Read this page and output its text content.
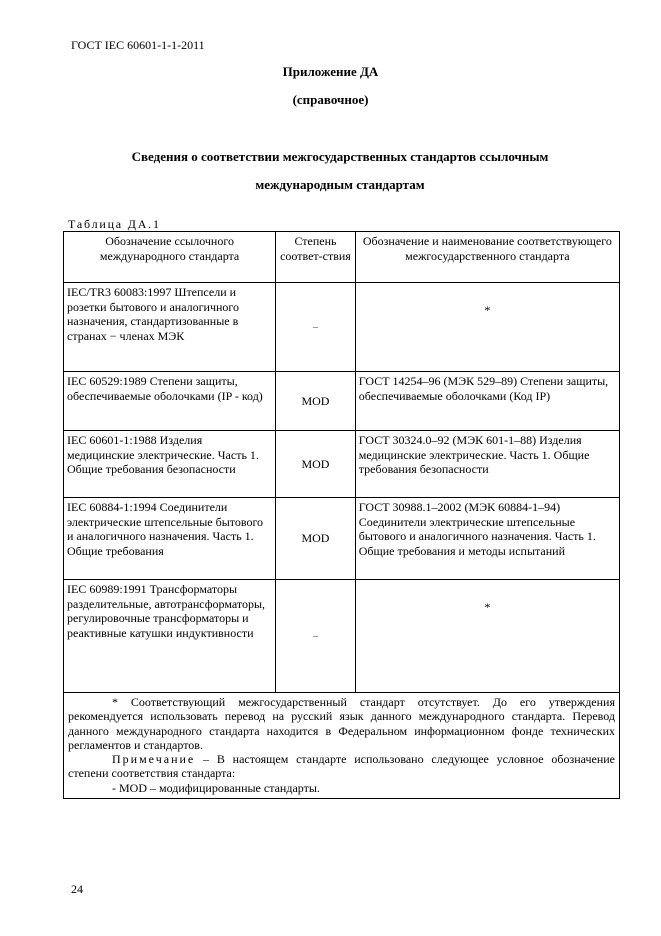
ГОСТ IEC 60601-1-1-2011
Приложение ДА
(справочное)
Сведения о соответствии межгосударственных стандартов ссылочным
международным стандартам
Таблица ДА.1
Обозначение ссылочного международного стандарта	Степень соответ-ствия	Обозначение и наименование соответствующего межгосударственного стандарта
IEC/TR3 60083:1997 Штепсели и розетки бытового и аналогичного назначения, стандартизованные в странах − членах МЭК	–	*
IEC 60529:1989 Степени защиты, обеспечиваемые оболочками (IP - код)	MOD	ГОСТ 14254–96 (МЭК 529–89) Степени защиты, обеспечиваемые оболочками (Код IP)
IEC 60601-1:1988 Изделия медицинские электрические. Часть 1. Общие требования безопасности	MOD	ГОСТ 30324.0–92 (МЭК 601-1–88) Изделия медицинские электрические. Часть 1. Общие требования безопасности
IEC 60884-1:1994 Соединители электрические штепсельные бытового и аналогичного назначения. Часть 1. Общие требования	MOD	ГОСТ 30988.1–2002 (МЭК 60884-1–94) Соединители электрические штепсельные бытового и аналогичного назначения. Часть 1. Общие требования и методы испытаний
IEC 60989:1991 Трансформаторы разделительные, автотрансформаторы, регулировочные трансформаторы и реактивные катушки индуктивности	–	*

* Соответствующий межгосударственный стандарт отсутствует. До его утверждения рекомендуется использовать перевод на русский язык данного международного стандарта. Перевод данного международного стандарта находится в Федеральном информационном фонде технических регламентов и стандартов.

Примечание – В настоящем стандарте использовано следующее условное обозначение степени соответствия стандарта:

- MOD – модифицированные стандарты.		

24
